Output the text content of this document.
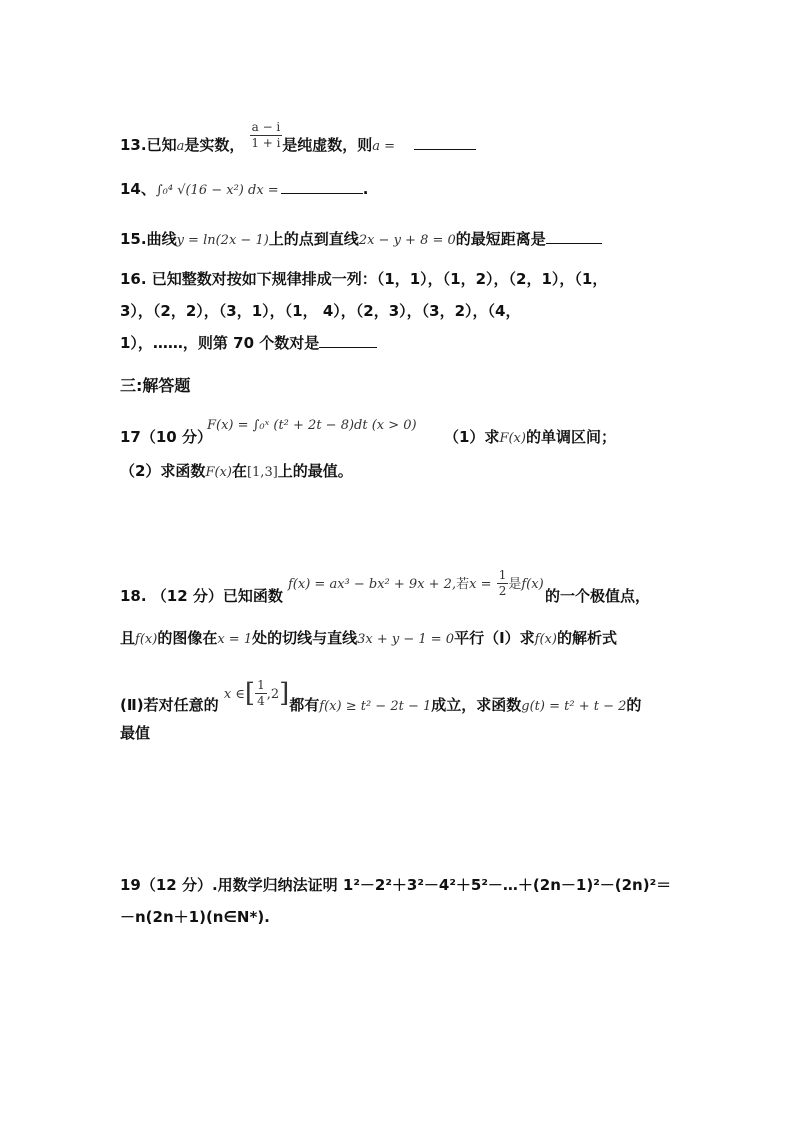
13.已知a是实数， $\frac{a - i}{1 + i}$ 是纯虚数，则a =
14、∫₀⁴ √(16 − x²) dx =	.
15.曲线y = ln(2x − 1)上的点到直线2x − y + 8 = 0的最短距离是
16. 已知整数对按如下规律排成一列：（1，1），（1，2），（2，1），（1，
3），（2，2），（3，1），（1， 4），（2，3），（3，2），（4，
1），……，则第 70 个数对是
三:解答题
17（10 分）
F(x) = ∫₀ˣ (t² + 2t − 8)dt (x > 0)
（1）求F(x)的单调区间；
（2）求函数F(x)在[1,3]上的最值。
18. （12 分）已知函数
f(x) = ax³ − bx² + 9x + 2,若$x = \frac{1}{2}$ 是f(x)
的一个极值点，
且f(x)的图像在x = 1处的切线与直线3x + y − 1 = 0平行（Ⅰ）求f(x)的解析式
(Ⅱ)若对任意的 x ∈[ $\frac{1}{4} ,2$]都有f(x) ≥ t² − 2t − 1成立，求函数g(t) = t² + t − 2的
最值
19（12 分）.用数学归纳法证明 1²－2²＋3²－4²＋5²－…＋(2n－1)²－(2n)²＝
－n(2n＋1)(n∈N*).
